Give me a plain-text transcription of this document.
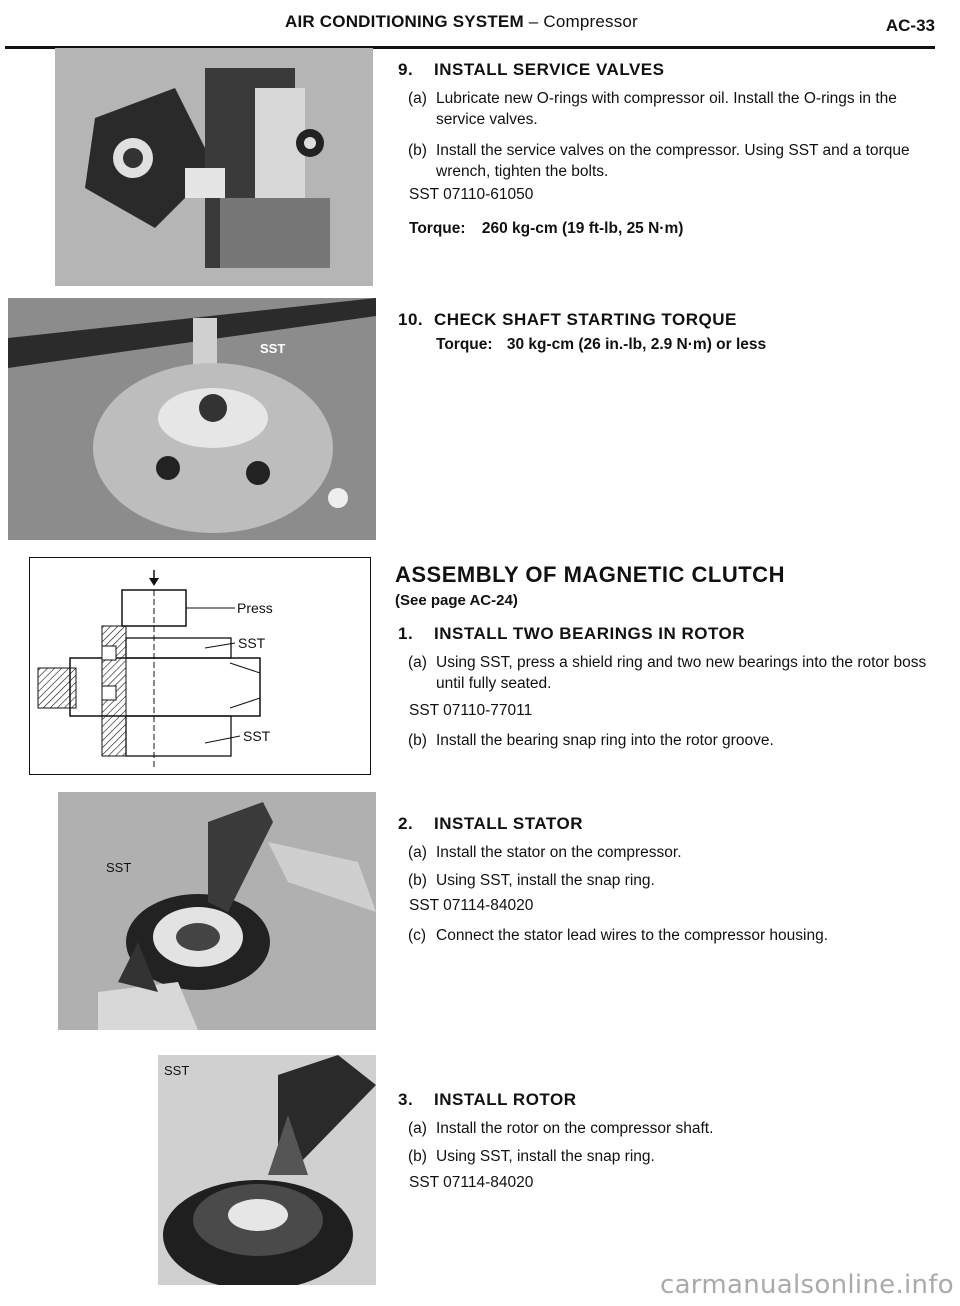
AIR CONDITIONING SYSTEM – Compressor	AC-33
SST
Press
SST
SST
SST
SST
9. INSTALL SERVICE VALVES
(a) Lubricate new O-rings with compressor oil. Install the O-rings in the service valves.
(b) Install the service valves on the compressor. Using SST and a torque wrench, tighten the bolts.
SST 07110-61050
Torque: 260 kg-cm (19 ft-lb, 25 N·m)
10. CHECK SHAFT STARTING TORQUE
Torque: 30 kg-cm (26 in.-lb, 2.9 N·m) or less
ASSEMBLY OF MAGNETIC CLUTCH
(See page AC-24)
1. INSTALL TWO BEARINGS IN ROTOR
(a) Using SST, press a shield ring and two new bearings into the rotor boss until fully seated.
SST 07110-77011
(b) Install the bearing snap ring into the rotor groove.
2. INSTALL STATOR
(a) Install the stator on the compressor.
(b) Using SST, install the snap ring.
SST 07114-84020
(c) Connect the stator lead wires to the compressor housing.
3. INSTALL ROTOR
(a) Install the rotor on the compressor shaft.
(b) Using SST, install the snap ring.
SST 07114-84020
carmanualsonline.info
